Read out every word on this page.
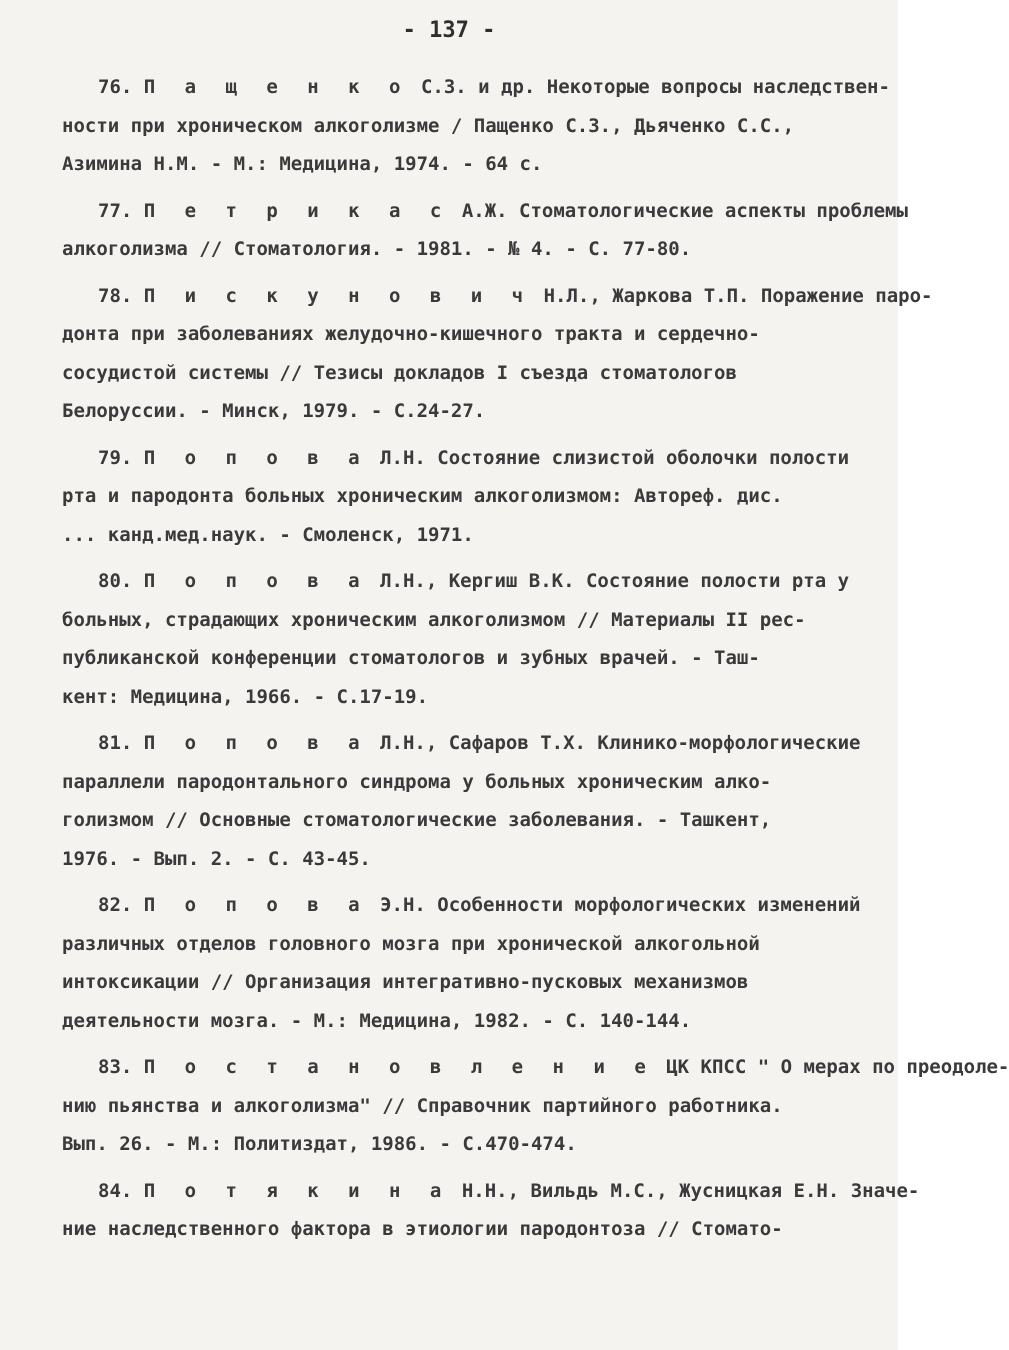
- 137 -
76. П а щ е н к о С.З. и др. Некоторые вопросы наследствен-
ности при хроническом алкоголизме / Пащенко С.З., Дьяченко С.С.,
Азимина Н.М. - М.: Медицина, 1974. - 64 с.
77. П е т р и к а с А.Ж. Стоматологические аспекты проблемы
алкоголизма // Стоматология. - 1981. - № 4. - С. 77-80.
78. П и с к у н о в и ч Н.Л., Жаркова Т.П. Поражение паро-
донта при заболеваниях желудочно-кишечного тракта и сердечно-
сосудистой системы // Тезисы докладов I съезда стоматологов
Белоруссии. - Минск, 1979. - С.24-27.
79. П о п о в а Л.Н. Состояние слизистой оболочки полости
рта и пародонта больных хроническим алкоголизмом: Автореф. дис.
... канд.мед.наук. - Смоленск, 1971.
80. П о п о в а Л.Н., Кергиш В.К. Состояние полости рта у
больных, страдающих хроническим алкоголизмом // Материалы II рес-
публиканской конференции стоматологов и зубных врачей. - Таш-
кент: Медицина, 1966. - С.17-19.
81. П о п о в а Л.Н., Сафаров Т.Х. Клинико-морфологические
параллели пародонтального синдрома у больных хроническим алко-
голизмом // Основные стоматологические заболевания. - Ташкент,
1976. - Вып. 2. - С. 43-45.
82. П о п о в а Э.Н. Особенности морфологических изменений
различных отделов головного мозга при хронической алкогольной
интоксикации // Организация интегративно-пусковых механизмов
деятельности мозга. - М.: Медицина, 1982. - С. 140-144.
83. П о с т а н о в л е н и е ЦК КПСС " О мерах по преодоле-
нию пьянства и алкоголизма" // Справочник партийного работника.
Вып. 26. - М.: Политиздат, 1986. - С.470-474.
84. П о т я к и н а Н.Н., Вильдь М.С., Жусницкая Е.Н. Значе-
ние наследственного фактора в этиологии пародонтоза // Стомато-
